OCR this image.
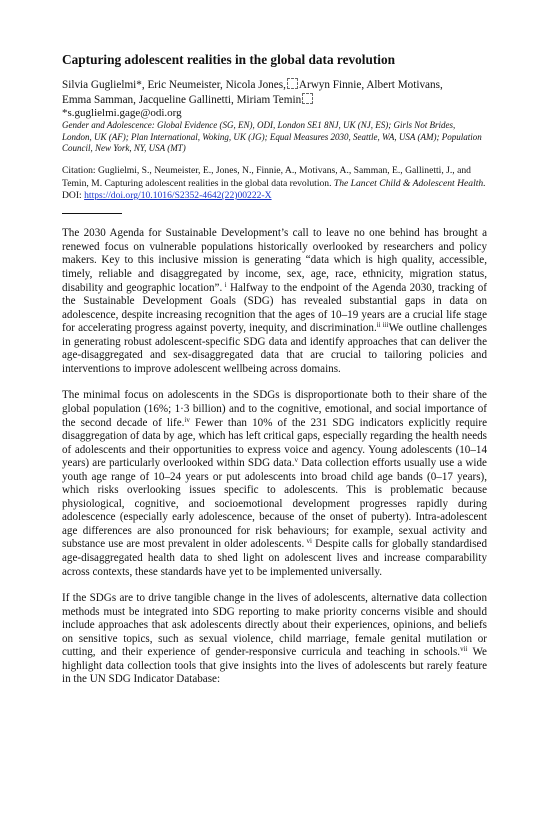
Capturing adolescent realities in the global data revolution

Silvia Guglielmi*, Eric Neumeister, Nicola Jones, Arwyn Finnie, Albert Motivans,
Emma Samman, Jacqueline Gallinetti, Miriam Temin

*s.guglielmi.gage@odi.org

Gender and Adolescence: Global Evidence (SG, EN), ODI, London SE1 8NJ, UK (NJ, ES); Girls Not Brides, London, UK (AF); Plan International, Woking, UK (JG); Equal Measures 2030, Seattle, WA, USA (AM); Population Council, New York, NY, USA (MT)

Citation: Guglielmi, S., Neumeister, E., Jones, N., Finnie, A., Motivans, A., Samman, E., Gallinetti, J., and Temin, M. Capturing adolescent realities in the global data revolution. The Lancet Child & Adolescent Health. DOI: https://doi.org/10.1016/S2352-4642(22)00222-X

The 2030 Agenda for Sustainable Development’s call to leave no one behind has brought a renewed focus on vulnerable populations historically overlooked by researchers and policy makers. Key to this inclusive mission is generating “data which is high quality, accessible, timely, reliable and disaggregated by income, sex, age, race, ethnicity, migration status, disability and geographic location”. $^i$ Halfway to the endpoint of the Agenda 2030, tracking of the Sustainable Development Goals (SDG) has revealed substantial gaps in data on adolescence, despite increasing recognition that the ages of 10–19 years are a crucial life stage for accelerating progress against poverty, inequity, and discrimination.$^{ii iii}$We outline challenges in generating robust adolescent-specific SDG data and identify approaches that can deliver the age-disaggregated and sex-disaggregated data that are crucial to tailoring policies and interventions to improve adolescent wellbeing across domains.

The minimal focus on adolescents in the SDGs is disproportionate both to their share of the global population (16%; 1·3 billion) and to the cognitive, emotional, and social importance of the second decade of life.$^{iv}$ Fewer than 10% of the 231 SDG indicators explicitly require disaggregation of data by age, which has left critical gaps, especially regarding the health needs of adolescents and their opportunities to express voice and agency. Young adolescents (10–14 years) are particularly overlooked within SDG data.$^v$ Data collection efforts usually use a wide youth age range of 10–24 years or put adolescents into broad child age bands (0–17 years), which risks overlooking issues specific to adolescents. This is problematic because physiological, cognitive, and socioemotional development progresses rapidly during adolescence (especially early adolescence, because of the onset of puberty). Intra-adolescent age differences are also pronounced for risk behaviours; for example, sexual activity and substance use are most prevalent in older adolescents. $^{vi}$ Despite calls for globally standardised age-disaggregated health data to shed light on adolescent lives and increase comparability across contexts, these standards have yet to be implemented universally.

If the SDGs are to drive tangible change in the lives of adolescents, alternative data collection methods must be integrated into SDG reporting to make priority concerns visible and should include approaches that ask adolescents directly about their experiences, opinions, and beliefs on sensitive topics, such as sexual violence, child marriage, female genital mutilation or cutting, and their experience of gender-responsive curricula and teaching in schools.$^{vii}$ We highlight data collection tools that give insights into the lives of adolescents but rarely feature in the UN SDG Indicator Database:
